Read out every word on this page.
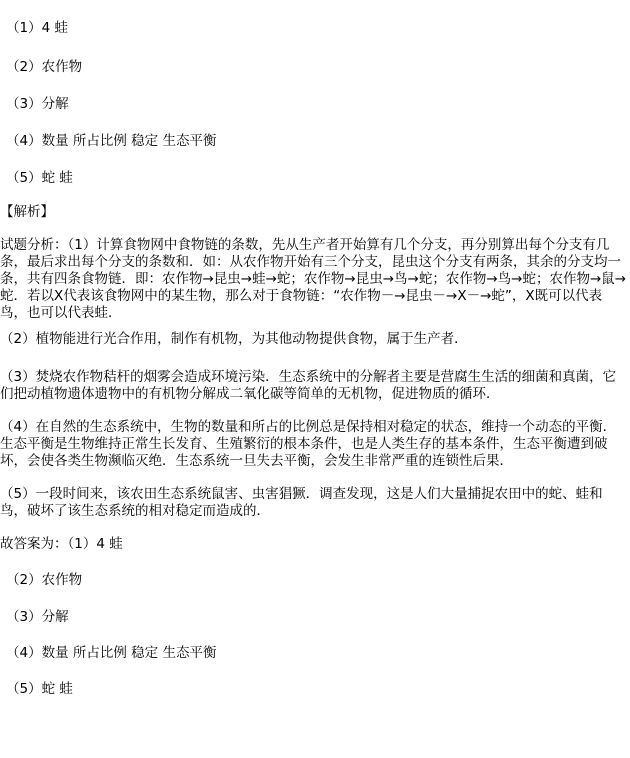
（1）4 蛙
（2）农作物
（3）分解
（4）数量 所占比例 稳定 生态平衡
（5）蛇 蛙
【解析】
试题分析：（1）计算食物网中食物链的条数，先从生产者开始算有几个分支，再分别算出每个分支有几条，最后求出每个分支的条数和．如：从农作物开始有三个分支，昆虫这个分支有两条，其余的分支均一条，共有四条食物链．即：农作物→昆虫→蛙→蛇；农作物→昆虫→鸟→蛇；农作物→鸟→蛇；农作物→鼠→蛇．若以X代表该食物网中的某生物，那么对于食物链：“农作物－→昆虫－→X－→蛇”，X既可以代表鸟，也可以代表蛙．
（2）植物能进行光合作用，制作有机物，为其他动物提供食物，属于生产者．
（3）焚烧农作物秸杆的烟雾会造成环境污染．生态系统中的分解者主要是营腐生生活的细菌和真菌，它们把动植物遗体遗物中的有机物分解成二氧化碳等简单的无机物，促进物质的循环．
（4）在自然的生态系统中，生物的数量和所占的比例总是保持相对稳定的状态，维持一个动态的平衡．生态平衡是生物维持正常生长发育、生殖繁衍的根本条件，也是人类生存的基本条件，生态平衡遭到破坏，会使各类生物濒临灭绝．生态系统一旦失去平衡，会发生非常严重的连锁性后果．
（5）一段时间来，该农田生态系统鼠害、虫害猖獗．调查发现，这是人们大量捕捉农田中的蛇、蛙和鸟，破坏了该生态系统的相对稳定而造成的．
故答案为：（1）4 蛙
（2）农作物
（3）分解
（4）数量 所占比例 稳定 生态平衡
（5）蛇 蛙
